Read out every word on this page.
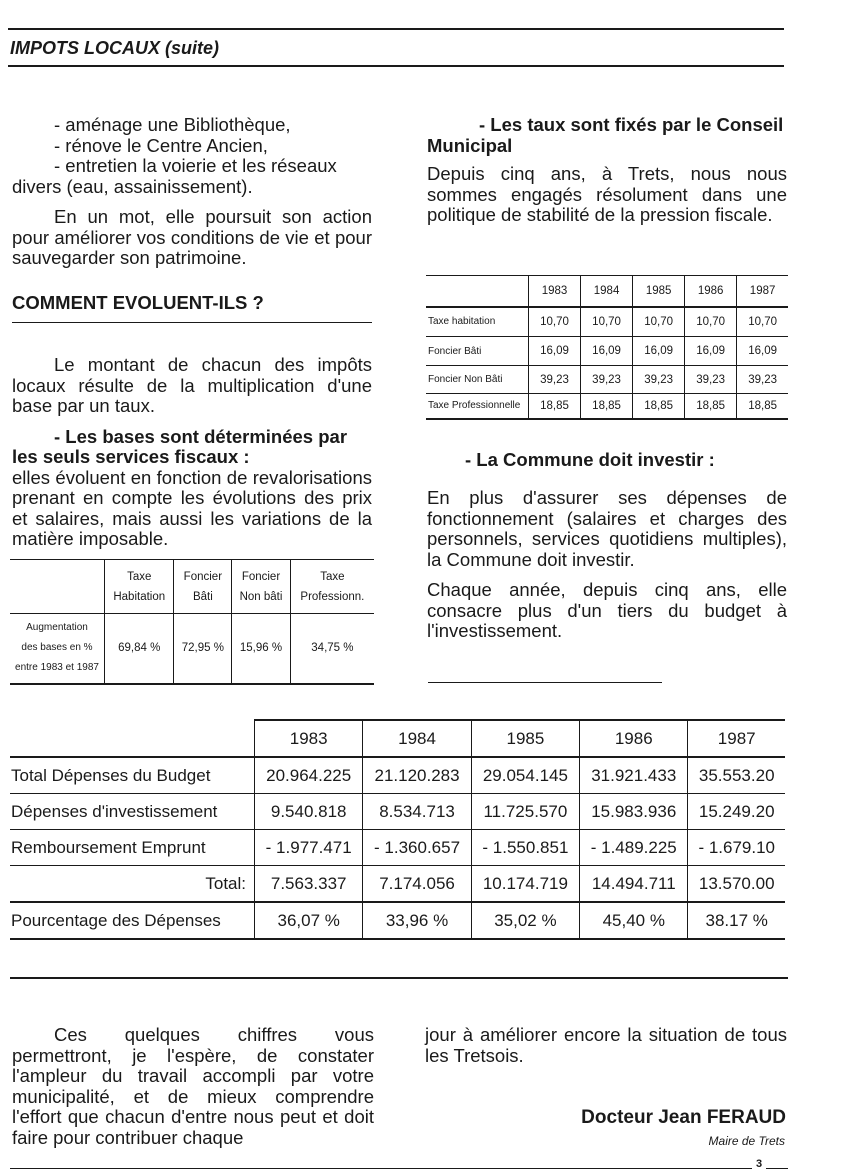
IMPOTS LOCAUX (suite)

- aménage une Bibliothèque,

- rénove le Centre Ancien,

- entretien la voierie et les réseaux

divers (eau, assainissement).

En un mot, elle poursuit son action pour améliorer vos conditions de vie et pour sauvegarder son patrimoine.

COMMENT EVOLUENT-ILS ?

Le montant de chacun des impôts locaux résulte de la multiplication d'une base par un taux.

- Les bases sont déterminées par les seuls services fiscaux :

elles évoluent en fonction de revalorisations prenant en compte les évolutions des prix et salaires, mais aussi les variations de la matière imposable.

	Taxe
Habitation	Foncier
Bâti	Foncier
Non bâti	Taxe
Professionn.
Augmentation
des bases en %
entre 1983 et 1987	69,84 %	72,95 %	15,96 %	34,75 %

- Les taux sont fixés par le Conseil Municipal

Depuis cinq ans, à Trets, nous nous sommes engagés résolument dans une politique de stabilité de la pression fiscale.

	1983	1984	1985	1986	1987
Taxe habitation	10,70	10,70	10,70	10,70	10,70
Foncier Bâti	16,09	16,09	16,09	16,09	16,09
Foncier Non Bâti	39,23	39,23	39,23	39,23	39,23
Taxe Professionnelle	18,85	18,85	18,85	18,85	18,85
- La Commune doit investir :

En plus d'assurer ses dépenses de fonctionnement (salaires et charges des personnels, services quotidiens multiples), la Commune doit investir.

Chaque année, depuis cinq ans, elle consacre plus d'un tiers du budget à l'investissement.

	1983	1984	1985	1986	1987
Total Dépenses du Budget	20.964.225	21.120.283	29.054.145	31.921.433	35.553.20
Dépenses d'investissement	9.540.818	8.534.713	11.725.570	15.983.936	15.249.20
Remboursement Emprunt	- 1.977.471	- 1.360.657	- 1.550.851	- 1.489.225	- 1.679.10
Total:	7.563.337	7.174.056	10.174.719	14.494.711	13.570.00
Pourcentage des Dépenses	36,07 %	33,96 %	35,02 %	45,40 %	38.17 %

Ces quelques chiffres vous permettront, je l'espère, de constater l'ampleur du travail accompli par votre municipalité, et de mieux comprendre l'effort que chacun d'entre nous peut et doit faire pour contribuer chaque

jour à améliorer encore la situation de tous les Tretsois.

Docteur Jean FERAUD
Maire de Trets
3
